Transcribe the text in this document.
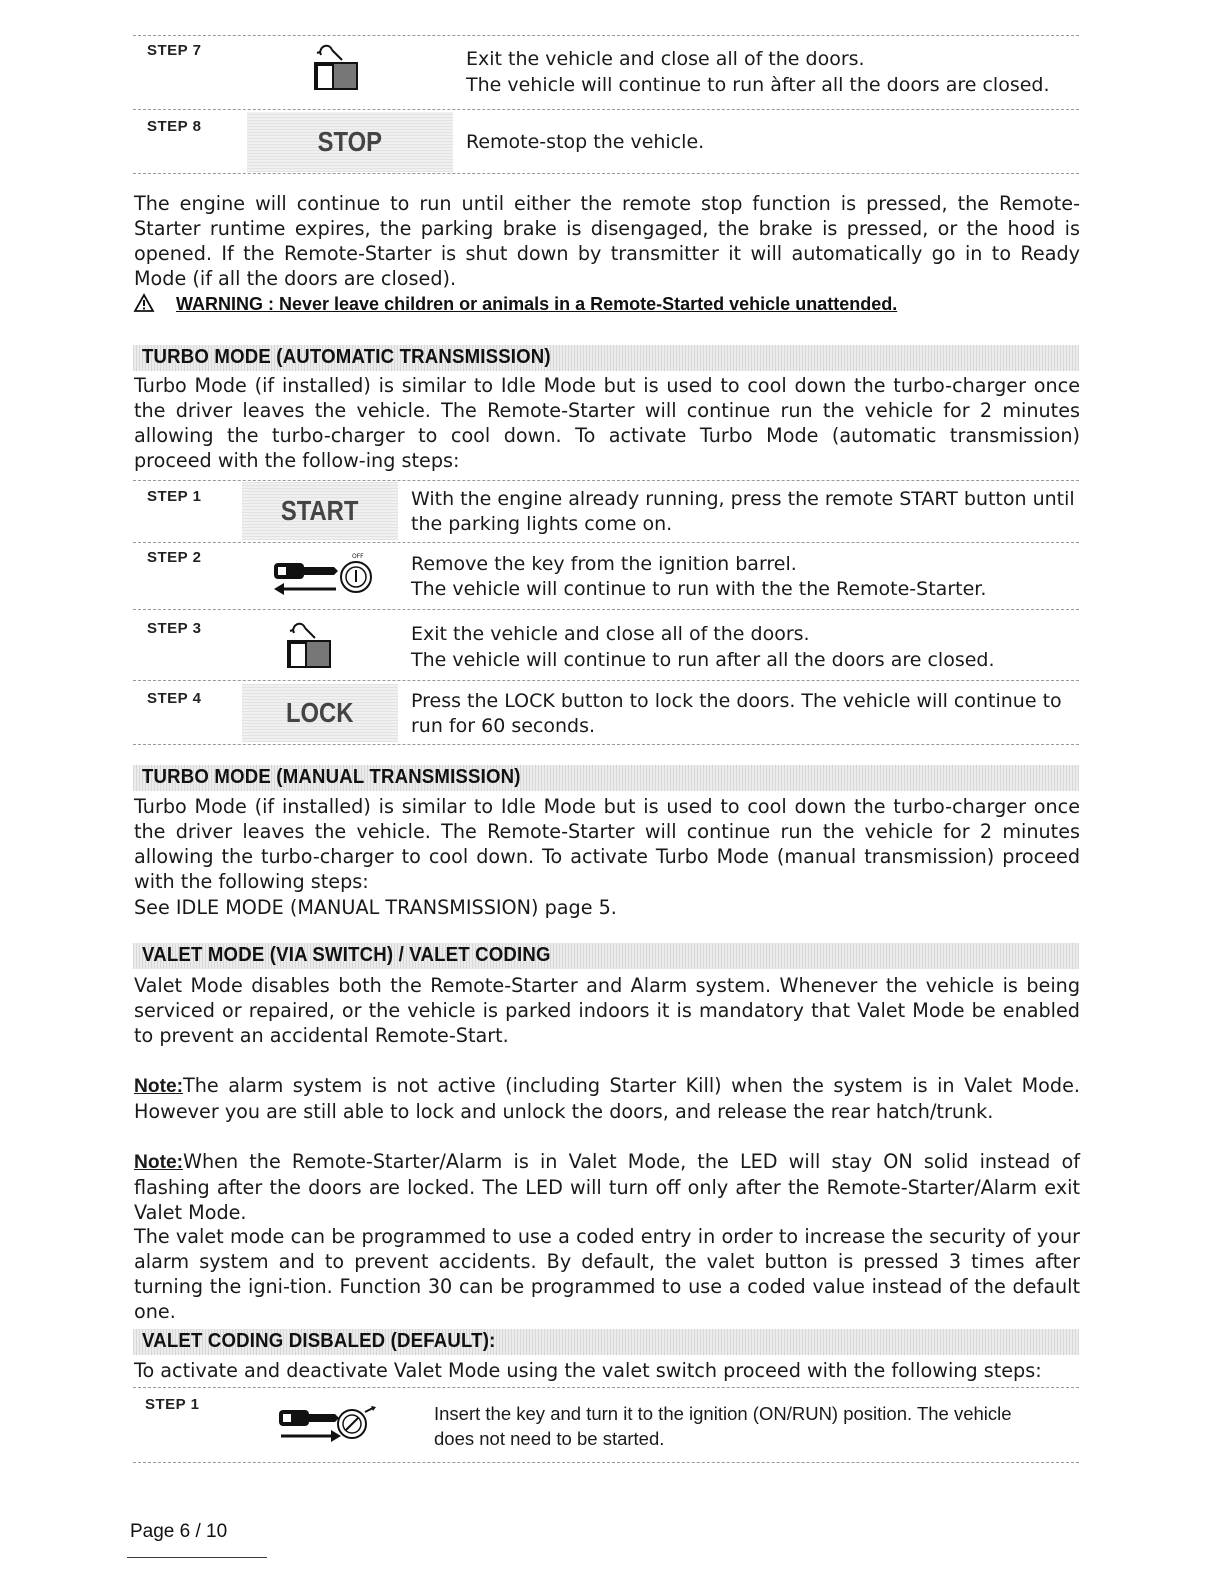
STEP 7	Exit the vehicle and close all of the doors.
The vehicle will continue to run àfter all the doors are closed.
STEP 8	STOP	Remote-stop the vehicle.
The engine will continue to run until either the remote stop function is pressed, the Remote-Starter runtime expires, the parking brake is disengaged, the brake is pressed, or the hood is opened. If the Remote-Starter is shut down by transmitter it will automatically go in to Ready Mode (if all the doors are closed).
WARNING : Never leave children or animals in a Remote-Started vehicle unattended.
TURBO MODE (AUTOMATIC TRANSMISSION)
Turbo Mode (if installed) is similar to Idle Mode but is used to cool down the turbo-charger once the driver leaves the vehicle. The Remote-Starter will continue run the vehicle for 2 minutes allowing the turbo-charger to cool down. To activate Turbo Mode (automatic transmission) proceed with the follow-ing steps:
STEP 1	START	With the engine already running, press the remote START button until
the parking lights come on.
STEP 2	OFF Remove the key from the ignition barrel.
The vehicle will continue to run with the the Remote-Starter.
STEP 3	Exit the vehicle and close all of the doors.
The vehicle will continue to run after all the doors are closed.
STEP 4	LOCK	Press the LOCK button to lock the doors. The vehicle will continue to
run for 60 seconds.
TURBO MODE (MANUAL TRANSMISSION)
Turbo Mode (if installed) is similar to Idle Mode but is used to cool down the turbo-charger once the driver leaves the vehicle. The Remote-Starter will continue run the vehicle for 2 minutes allowing the turbo-charger to cool down. To activate Turbo Mode (manual transmission) proceed with the following steps:
See IDLE MODE (MANUAL TRANSMISSION) page 5.
VALET MODE (VIA SWITCH) / VALET CODING
Valet Mode disables both the Remote-Starter and Alarm system. Whenever the vehicle is being serviced or repaired, or the vehicle is parked indoors it is mandatory that Valet Mode be enabled to prevent an accidental Remote-Start.
Note:The alarm system is not active (including Starter Kill) when the system is in Valet Mode. However you are still able to lock and unlock the doors, and release the rear hatch/trunk.
Note:When the Remote-Starter/Alarm is in Valet Mode, the LED will stay ON solid instead of flashing after the doors are locked. The LED will turn off only after the Remote-Starter/Alarm exit Valet Mode.
The valet mode can be programmed to use a coded entry in order to increase the security of your alarm system and to prevent accidents. By default, the valet button is pressed 3 times after turning the igni-tion. Function 30 can be programmed to use a coded value instead of the default one.
VALET CODING DISBALED (DEFAULT):
To activate and deactivate Valet Mode using the valet switch proceed with the following steps:
STEP 1	Insert the key and turn it to the ignition (ON/RUN) position. The vehicle
does not need to be started.
Page 6 / 10
